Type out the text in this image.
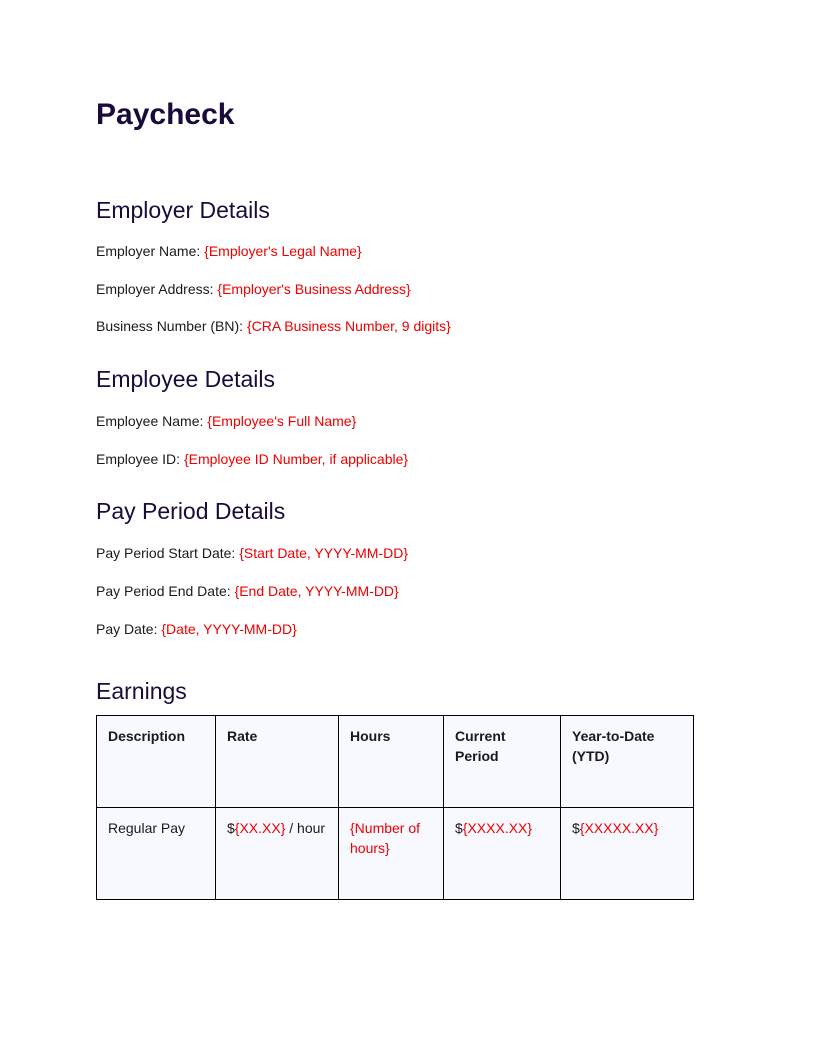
Paycheck
Employer Details

Employer Name: {Employer's Legal Name}

Employer Address: {Employer's Business Address}

Business Number (BN): {CRA Business Number, 9 digits}

Employee Details

Employee Name: {Employee's Full Name}

Employee ID: {Employee ID Number, if applicable}

Pay Period Details

Pay Period Start Date: {Start Date, YYYY-MM-DD}

Pay Period End Date: {End Date, YYYY-MM-DD}

Pay Date: {Date, YYYY-MM-DD}

Earnings
Description	Rate	Hours	Current Period	Year-to-Date (YTD)
Regular Pay	${XX.XX} / hour	{Number of hours}	${XXXX.XX}	${XXXXX.XX}
